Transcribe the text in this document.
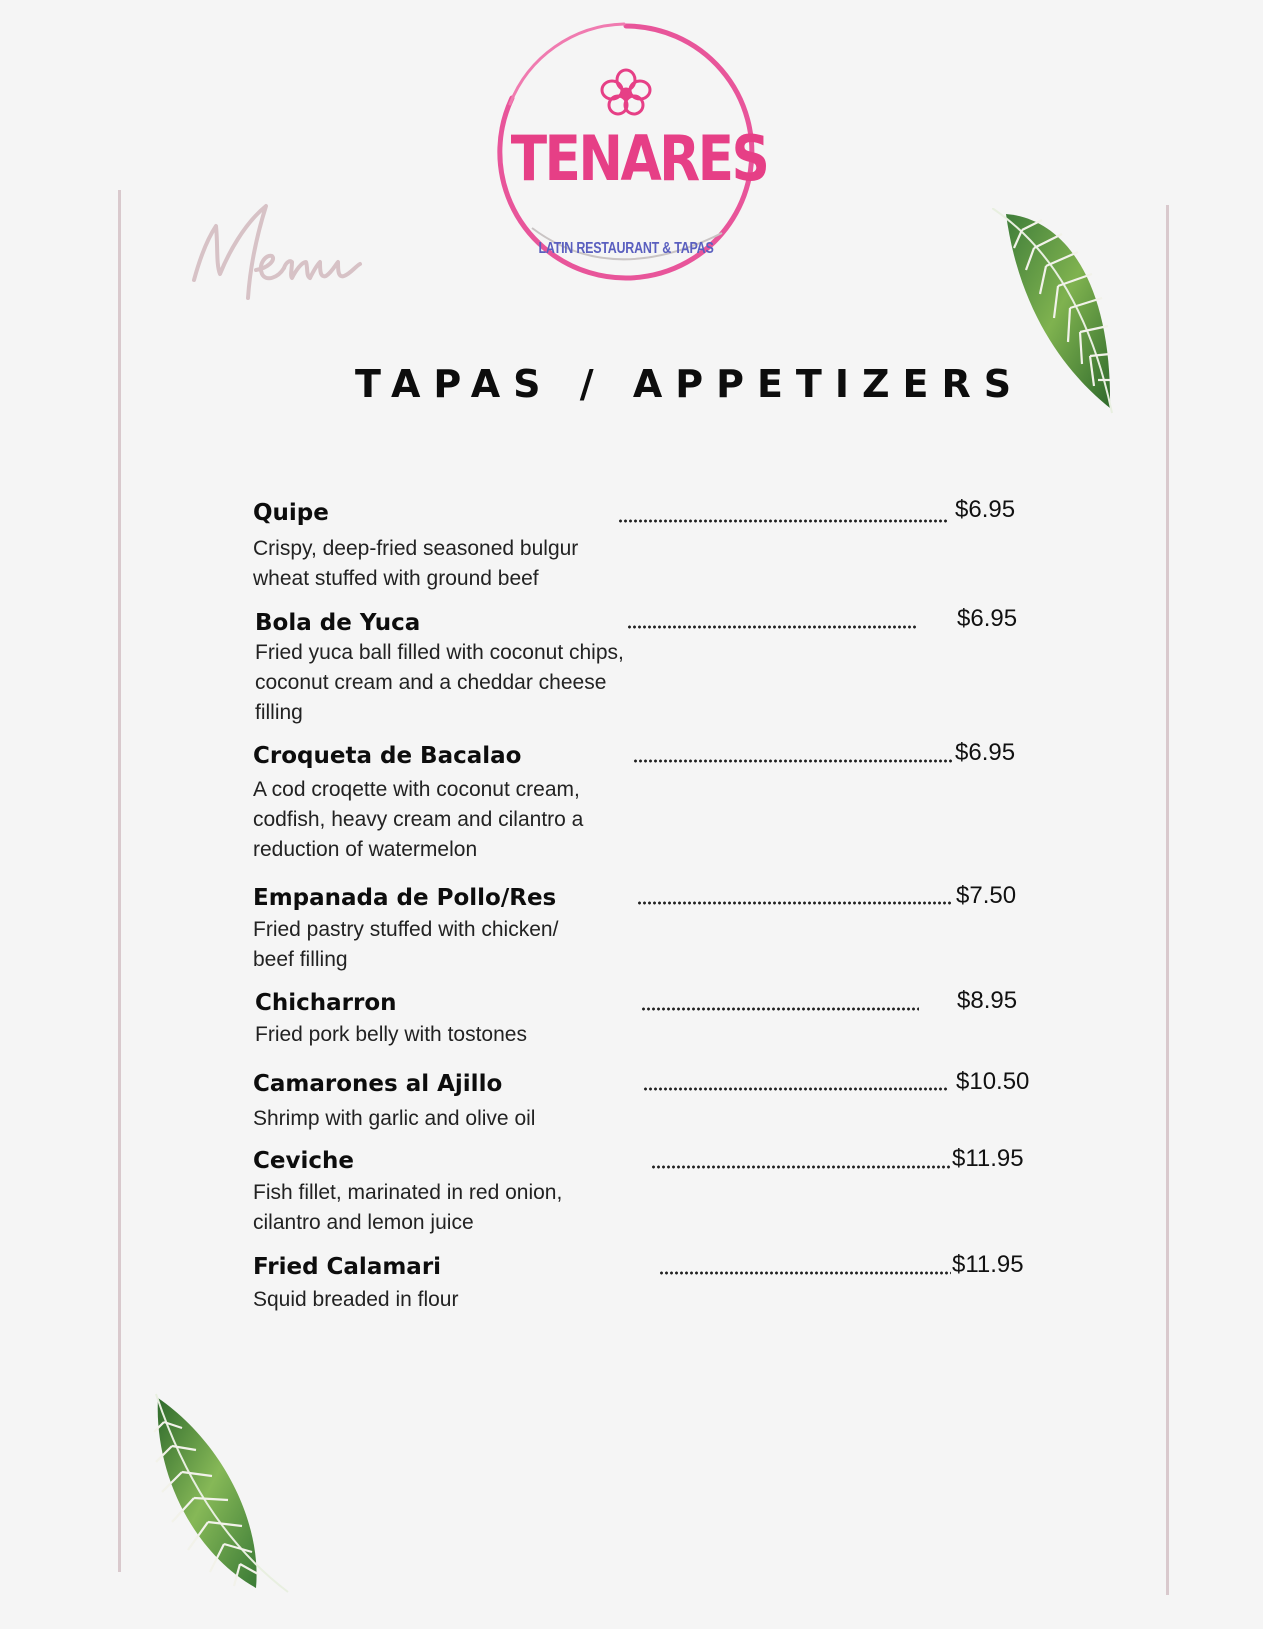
TENARES
LATIN RESTAURANT & TAPAS
TAPAS / APPETIZERS
Quipe
Crispy, deep-fried seasoned bulgur wheat stuffed with ground beef
$6.95
Bola de Yuca
Fried yuca ball filled with coconut chips, coconut cream and a cheddar cheese filling
$6.95
Croqueta de Bacalao
A cod croqette with coconut cream, codfish, heavy cream and cilantro a reduction of watermelon
$6.95
Empanada de Pollo/Res
Fried pastry stuffed with chicken/ beef filling
$7.50
Chicharron
Fried pork belly with tostones
$8.95
Camarones al Ajillo
Shrimp with garlic and olive oil
$10.50
Ceviche
Fish fillet, marinated in red onion, cilantro and lemon juice
$11.95
Fried Calamari
Squid breaded in flour
$11.95
